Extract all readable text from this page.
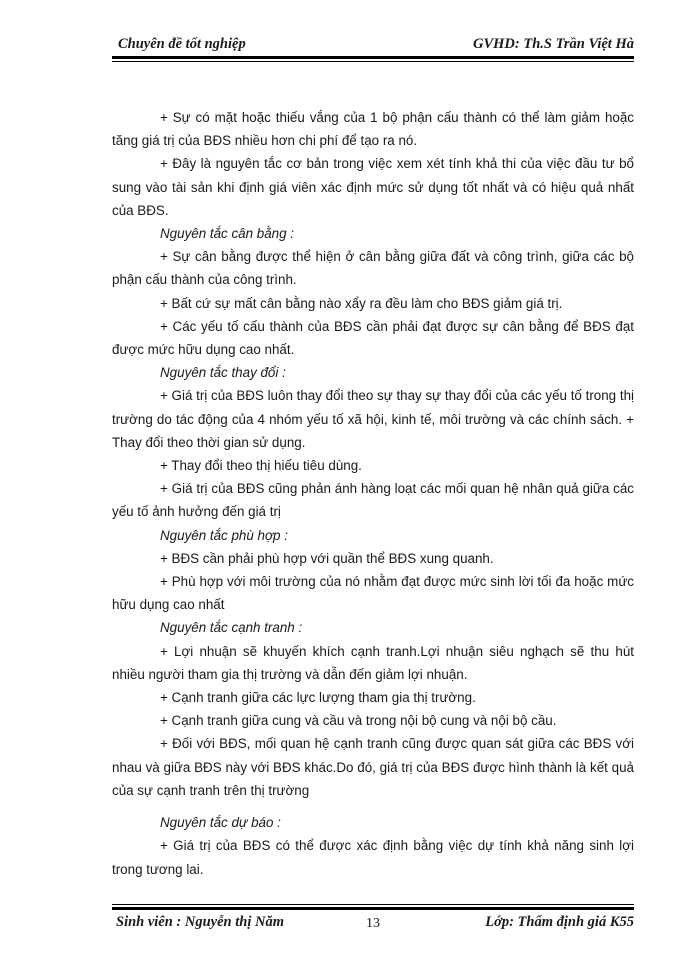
Chuyên đề tốt nghiệp	GVHD: Th.S Trần Việt Hà

+ Sự có mặt hoặc thiếu vắng của 1 bộ phận cấu thành có thể làm giảm hoặc tăng giá trị của BĐS nhiều hơn chi phí để tạo ra nó.

+ Đây là nguyên tắc cơ bản trong việc xem xét tính khả thi của việc đầu tư bổ sung vào tài sản khi định giá viên xác định mức sử dụng tốt nhất và có hiệu quả nhất của BĐS.

Nguyên tắc cân bằng :

+ Sự cân bằng được thể hiện ở cân bằng giữa đất và công trình, giữa các bộ phận cấu thành của công trình.

+ Bất cứ sự mất cân bằng nào xẩy ra đều làm cho BĐS giảm giá trị.

+ Các yếu tố cấu thành của BĐS cần phải đạt được sự cân bằng để BĐS đạt được mức hữu dụng cao nhất.

Nguyên tắc thay đổi :

+ Giá trị của BĐS luôn thay đổi theo sự thay sự thay đổi của các yếu tố trong thị trường do tác động của 4 nhóm yếu tố xã hội, kinh tế, môi trường và các chính sách. + Thay đổi theo thời gian sử dụng.

+ Thay đổi theo thị hiếu tiêu dùng.

+ Giá trị của BĐS cũng phản ánh hàng loạt các mối quan hệ nhân quả giữa các yếu tố ảnh hưởng đến giá trị

Nguyên tắc phù hợp :

+ BĐS cần phải phù hợp với quần thể BĐS xung quanh.

+ Phù hợp với môi trường của nó nhằm đạt được mức sinh lời tối đa hoặc mức hữu dụng cao nhất

Nguyên tắc cạnh tranh :

+ Lợi nhuận sẽ khuyến khích cạnh tranh.Lợi nhuận siêu nghạch sẽ thu hút nhiều người tham gia thị trường và dẫn đến giảm lợi nhuận.

+ Cạnh tranh giữa các lực lượng tham gia thị trường.

+ Cạnh tranh giữa cung và cầu và trong nội bộ cung và nội bộ cầu.

+ Đối với BĐS, mối quan hệ cạnh tranh cũng được quan sát giữa các BĐS với nhau và giữa BĐS này với BĐS khác.Do đó, giá trị của BĐS được hình thành là kết quả của sự cạnh tranh trên thị trường

Nguyên tắc dự báo :

+ Giá trị của BĐS có thể được xác định bằng việc dự tính khả năng sinh lợi trong tương lai.

Sinh viên : Nguyễn thị Năm	13	Lớp: Thẩm định giá K55
